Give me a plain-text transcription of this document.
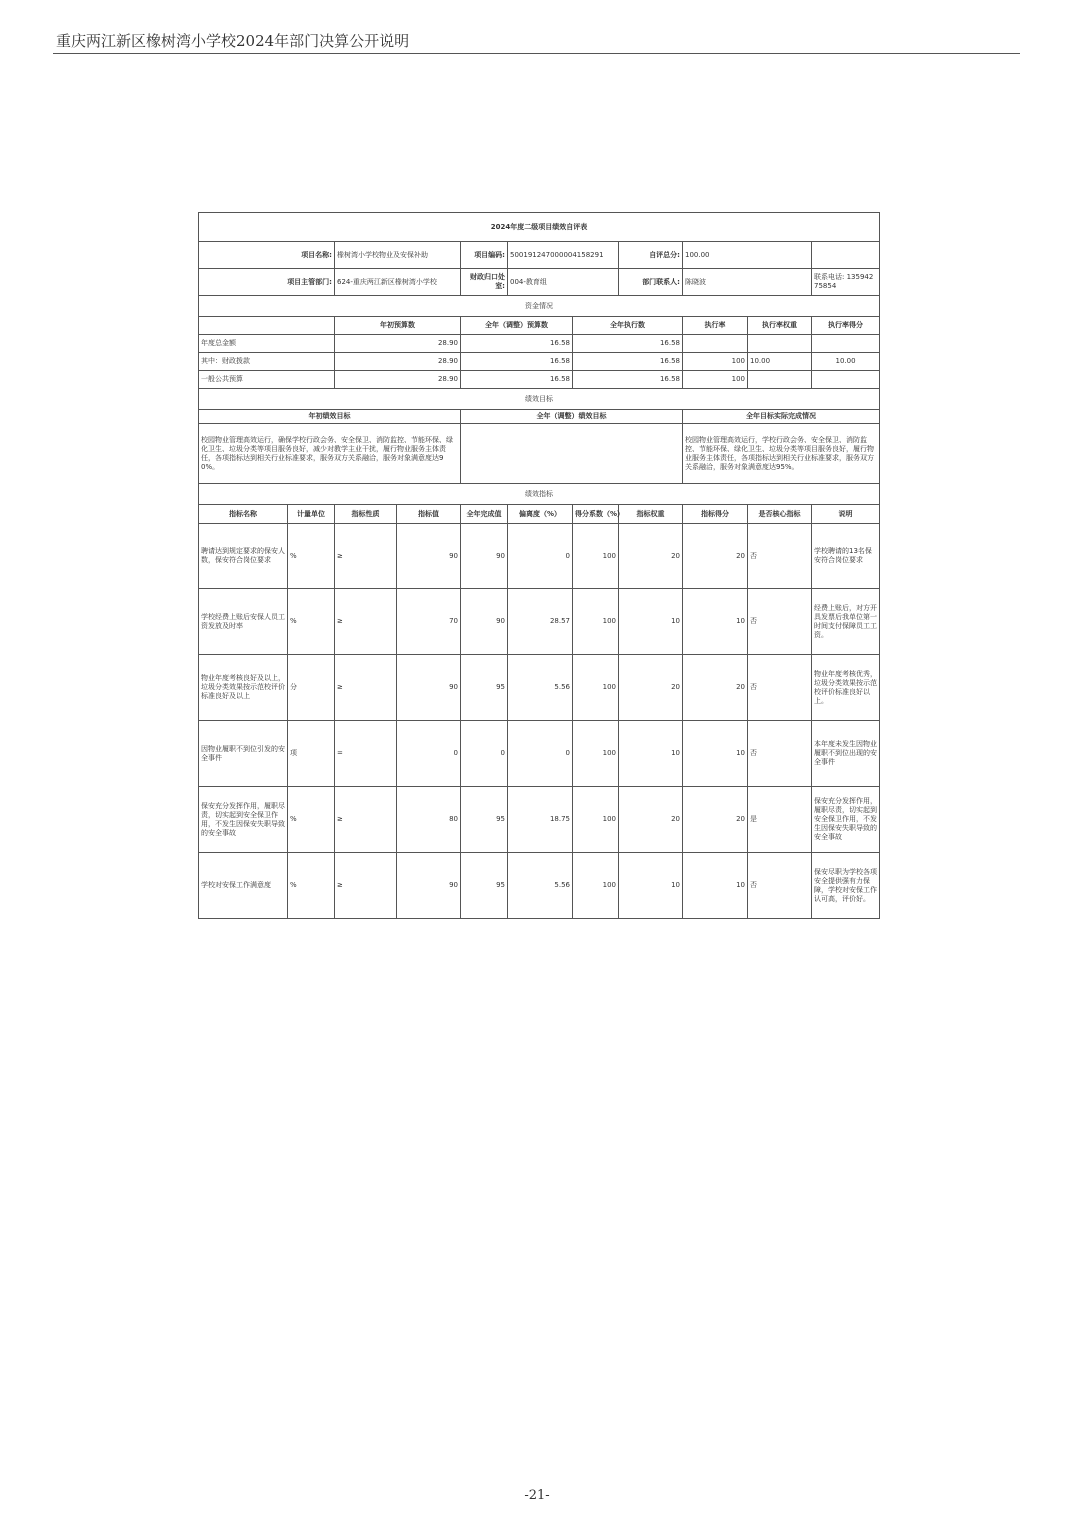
重庆两江新区橡树湾小学校2024年部门决算公开说明
2024年度二级项目绩效自评表										
项目名称:		橡树湾小学校物业及安保补助		项目编码:	500191247000004158291		自评总分:	100.00		
项目主管部门:		624-重庆两江新区橡树湾小学校		财政归口处室:	004-教育组		部门联系人:	陈晓波		联系电话: 13594275854
资金情况										
		年初预算数		全年（调整）预算数		全年执行数		执行率	执行率权重	执行率得分
年度总金额		28.90		16.58		16.58				
其中：财政拨款		28.90		16.58		16.58		100	10.00	10.00
一般公共预算		28.90		16.58		16.58		100		
绩效目标										
年初绩效目标				全年（调整）绩效目标				全年目标实际完成情况		
校园物业管理高效运行，确保学校行政会务、安全保卫、消防监控、节能环保、绿化卫生、垃圾分类等项目服务良好，减少对教学主业干扰，履行物业服务主体责任，各项指标达到相关行业标准要求，服务双方关系融洽，服务对象满意度达90%。								校园物业管理高效运行，学校行政会务、安全保卫、消防监控、节能环保、绿化卫生、垃圾分类等项目服务良好，履行物业服务主体责任，各项指标达到相关行业标准要求，服务双方关系融洽，服务对象满意度达95%。		
绩效指标										
指标名称	计量单位	指标性质	指标值	全年完成值	偏离度（%）	得分系数（%）	指标权重	指标得分	是否核心指标	说明
聘请达到规定要求的保安人数，保安符合岗位要求	%	≥	90	90	0	100	20	20	否	学校聘请的13名保安符合岗位要求
学校经费上账后安保人员工资发放及时率	%	≥	70	90	28.57	100	10	10	否	经费上账后，对方开具发票后我单位第一时间支付保障员工工资。
物业年度考核良好及以上，垃圾分类效果按示范校评价标准良好及以上	分	≥	90	95	5.56	100	20	20	否	物业年度考核优秀，垃圾分类效果按示范校评价标准良好以上。
因物业履职不到位引发的安全事件	项	=	0	0	0	100	10	10	否	本年度未发生因物业履职不到位出现的安全事件
保安充分发挥作用，履职尽责，切实起到安全保卫作用，不发生因保安失职导致的安全事故	%	≥	80	95	18.75	100	20	20	是	保安充分发挥作用，履职尽责，切实起到安全保卫作用，不发生因保安失职导致的安全事故
学校对安保工作满意度	%	≥	90	95	5.56	100	10	10	否	保安尽职为学校各项安全提供强有力保障，学校对安保工作认可高，评价好。
-21-
